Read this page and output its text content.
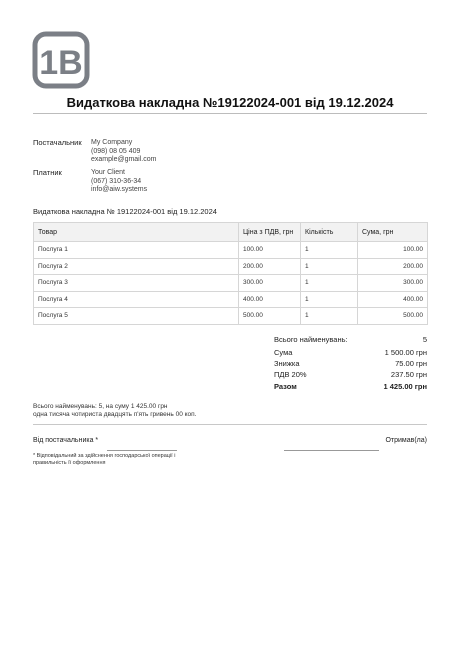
1B
Видаткова накладна №19122024-001 від 19.12.2024
Постачальник My Company
(098) 08 05 409
example@gmail.com
Платник	Your Client
(067) 310-36-34
info@aiw.systems
Видаткова накладна № 19122024-001 від 19.12.2024
Товар	Ціна з ПДВ, грн	Кількість	Сума, грн
Послуга 1	100.00	1	100.00
Послуга 2	200.00	1	200.00
Послуга 3	300.00	1	300.00
Послуга 4	400.00	1	400.00
Послуга 5	500.00	1	500.00
Всього найменувань:	5
Сума	1 500.00 грн
Знижка	75.00 грн
ПДВ 20%	237.50 грн
Разом	1 425.00 грн
Всього найменувань: 5, на суму 1 425.00 грн
одна тисяча чотириста двадцять п'ять гривень 00 коп.
Від постачальника *	Отримав(ла)
* Відповідальний за здійснення господарської операції і
правильність її оформлення
